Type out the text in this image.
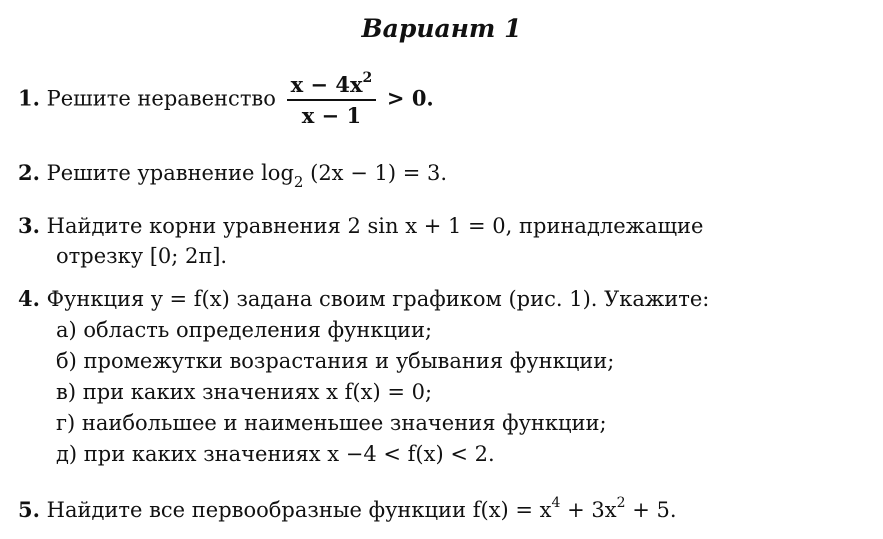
Вариант 1
1. Решите неравенство $\frac{x - 4x^2}{x - 1} > 0$.
2. Решите уравнение $\log_2 (2x - 1) = 3$.
3. Найдите корни уравнения 2 sin x + 1 = 0, принадлежащие
отрезку [0; 2π].
4. Функция y = f(x) задана своим графиком (рис. 1). Укажите:
а) область определения функции;
б) промежутки возрастания и убывания функции;
в) при каких значениях x f(x) = 0;
г) наибольшее и наименьшее значения функции;
д) при каких значениях x −4 < f(x) < 2.
5. Найдите все первообразные функции $f(x) = x^4 + 3x^2 + 5$.
